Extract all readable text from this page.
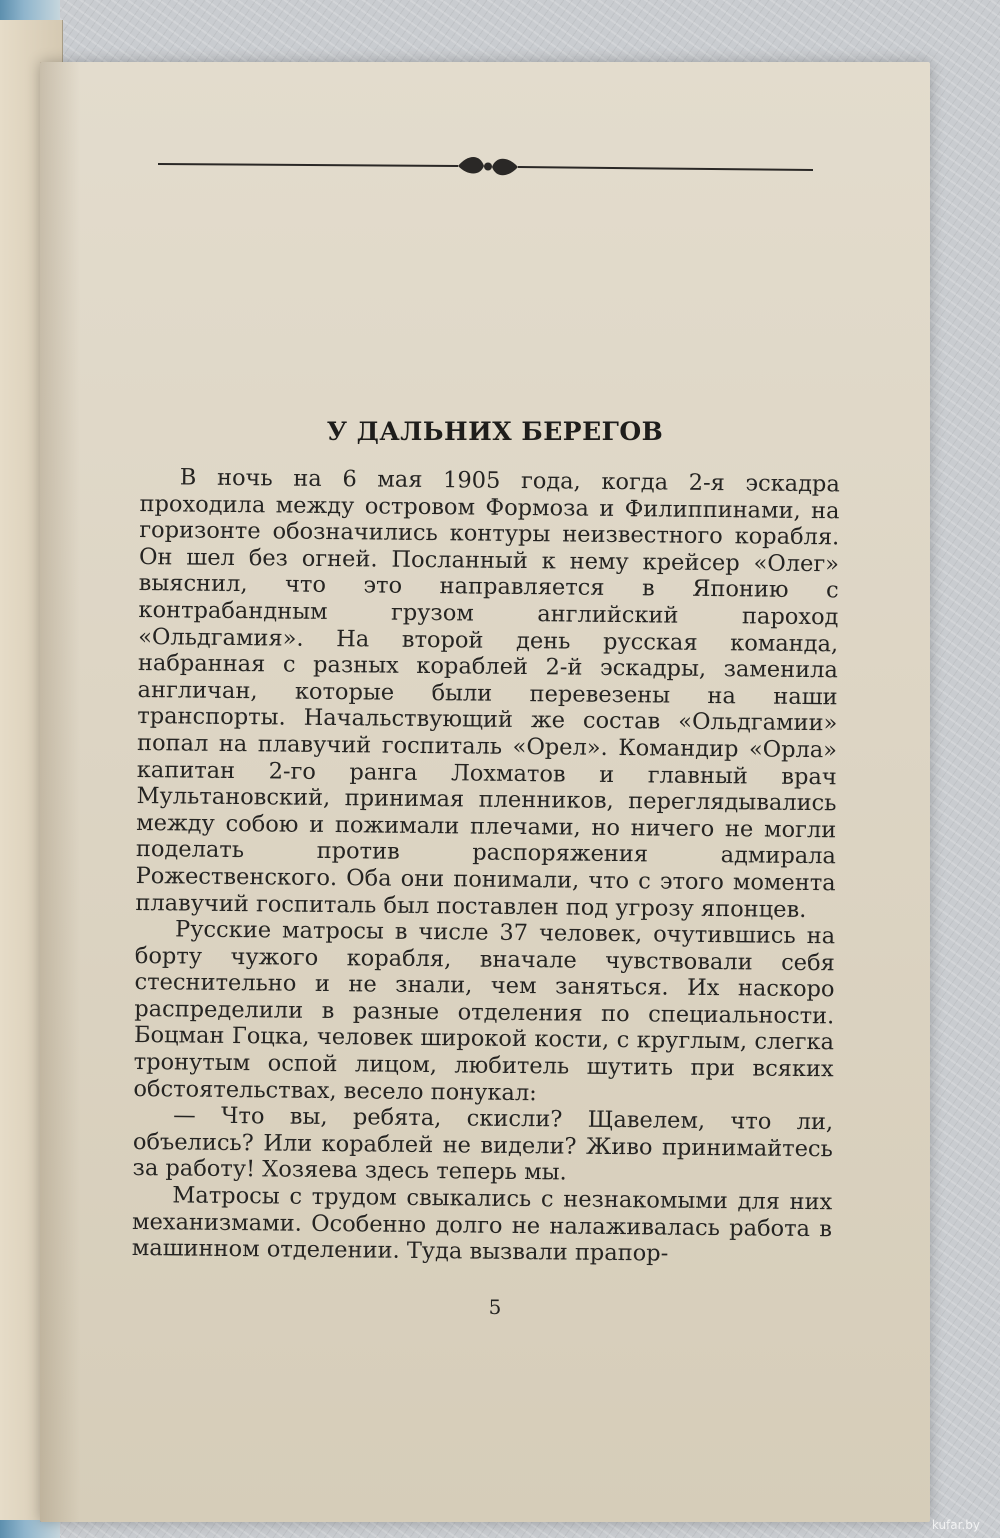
У ДАЛЬНИХ БЕРЕГОВ

В ночь на 6 мая 1905 года, когда 2-я эскадра проходила между островом Формоза и Филиппинами, на горизонте обозначились контуры неизвестного корабля. Он шел без огней. Посланный к нему крейсер «Олег» выяснил, что это направляется в Японию с контрабандным грузом английский пароход «Ольдгамия». На второй день русская команда, набранная с разных кораблей 2-й эскадры, заменила англичан, которые были перевезены на наши транспорты. Начальствующий же состав «Ольдгамии» попал на плавучий госпиталь «Орел». Командир «Орла» капитан 2-го ранга Лохматов и главный врач Мультановский, принимая пленников, переглядывались между собою и пожимали плечами, но ничего не могли поделать против распоряжения адмирала Рожественского. Оба они понимали, что с этого момента плавучий госпиталь был поставлен под угрозу японцев.

Русские матросы в числе 37 человек, очутившись на борту чужого корабля, вначале чувствовали себя стеснительно и не знали, чем заняться. Их наскоро распределили в разные отделения по специальности. Боцман Гоцка, человек широкой кости, с круглым, слегка тронутым оспой лицом, любитель шутить при всяких обстоятельствах, весело понукал:

— Что вы, ребята, скисли? Щавелем, что ли, объелись? Или кораблей не видели? Живо принимайтесь за работу! Хозяева здесь теперь мы.

Матросы с трудом свыкались с незнакомыми для них механизмами. Особенно долго не налаживалась работа в машинном отделении. Туда вызвали прапор-

5
kufar.by
